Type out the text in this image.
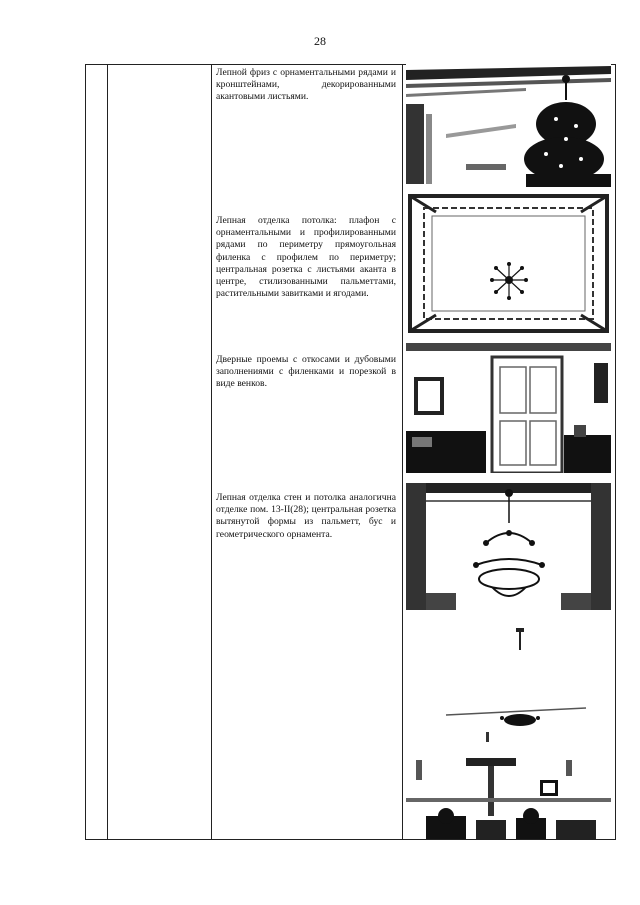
28
Лепной фриз с орнаментальными рядами и кронштейнами, декорированными акантовыми листьями.
Лепная отделка потолка: плафон с орнаментальными и профилированными рядами по периметру прямоугольная филенка с профилем по периметру; центральная розетка с листьями аканта в центре, стилизованными пальметтами, растительными завитками и ягодами.
Дверные проемы с откосами и дубовыми заполнениями с филенками и порезкой в виде венков.
Лепная отделка стен и потолка аналогична отделке пом. 13-II(28); центральная розетка вытянутой формы из пальметт, бус и геометрического орнамента.
